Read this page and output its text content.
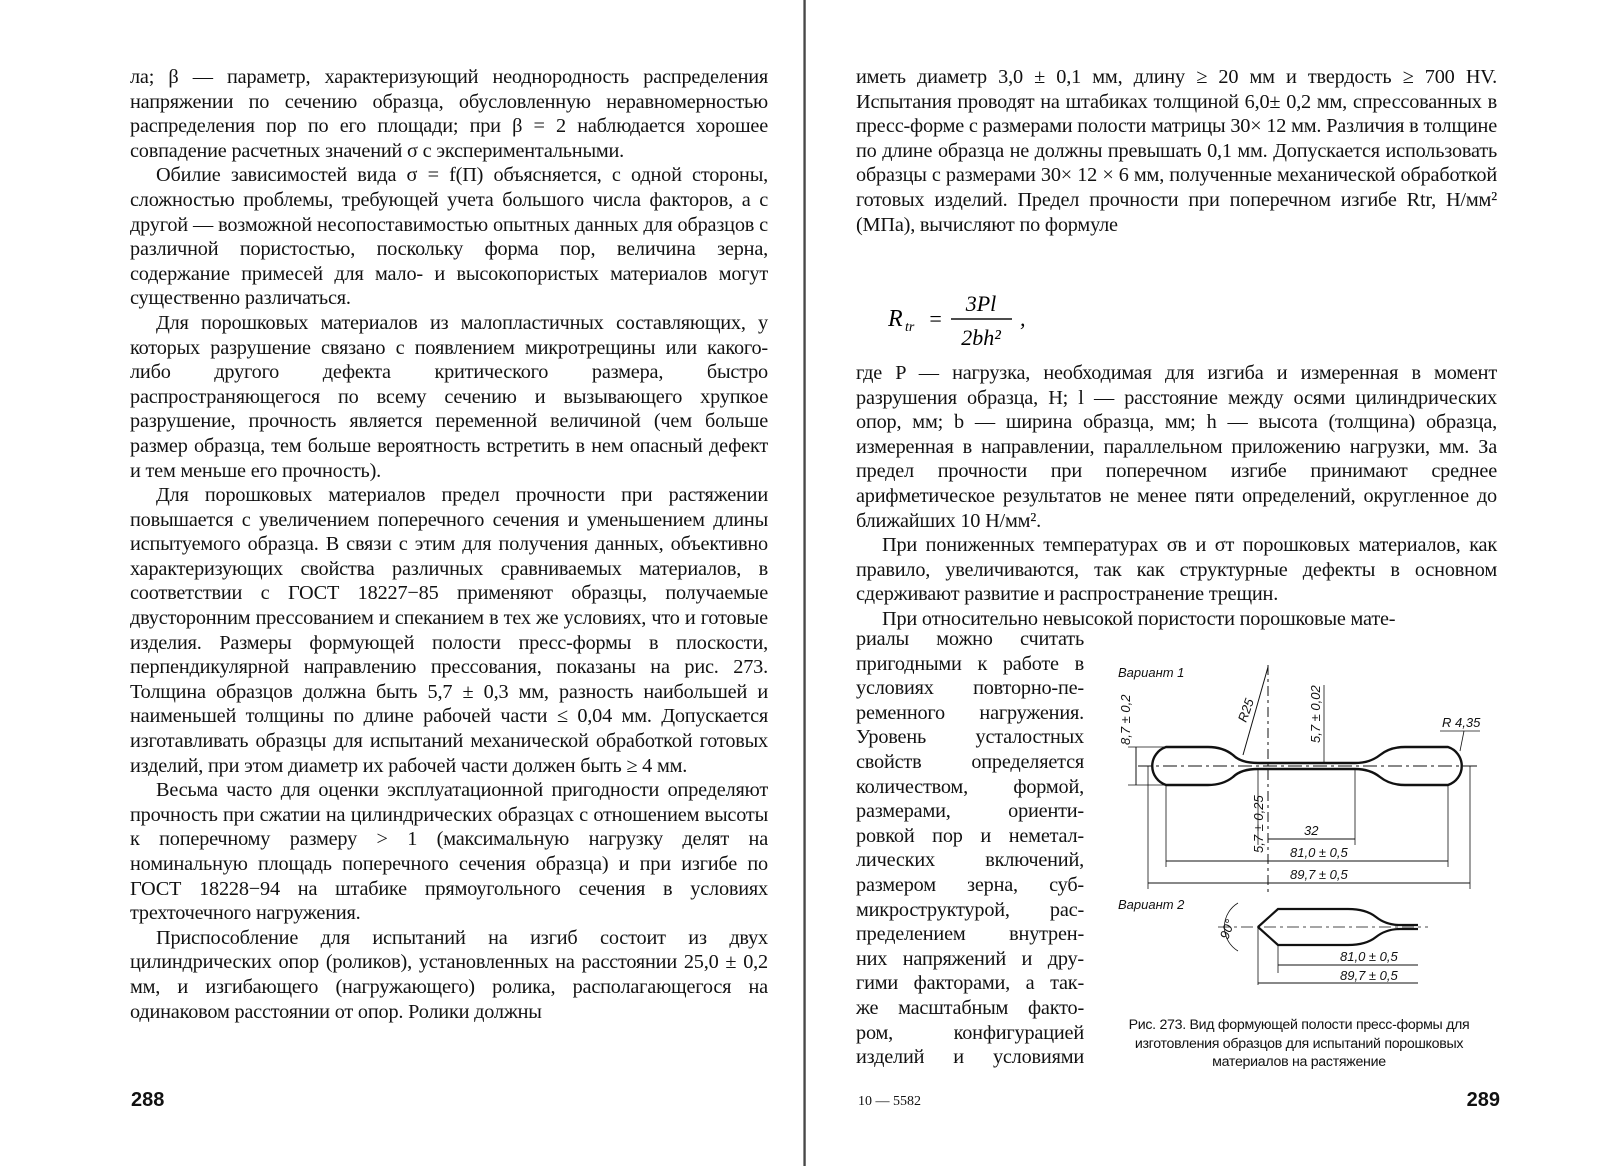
ла; β — параметр, характеризующий неоднородность распределения напряжении по сечению образца, обусловленную неравномерностью распределения пор по его площади; при β = 2 наблюдается хорошее совпадение расчетных значений σ с экспериментальными.

Обилие зависимостей вида σ = f(П) объясняется, с одной стороны, сложностью проблемы, требующей учета большого числа факторов, а с другой — возможной несопоставимостью опытных данных для образцов с различной пористостью, поскольку форма пор, величина зерна, содержание примесей для мало- и высокопористых материалов могут существенно различаться.

Для порошковых материалов из малопластичных составляющих, у которых разрушение связано с появлением микротрещины или какого-либо другого дефекта критического размера, быстро распространяющегося по всему сечению и вызывающего хрупкое разрушение, прочность является переменной величиной (чем больше размер образца, тем больше вероятность встретить в нем опасный дефект и тем меньше его прочность).

Для порошковых материалов предел прочности при растяжении повышается с увеличением поперечного сечения и уменьшением длины испытуемого образца. В связи с этим для получения данных, объективно характеризующих свойства различных сравниваемых материалов, в соответствии с ГОСТ 18227−85 применяют образцы, получаемые двусторонним прессованием и спеканием в тех же условиях, что и готовые изделия. Размеры формующей полости пресс-формы в плоскости, перпендикулярной направлению прессования, показаны на рис. 273. Толщина образцов должна быть 5,7 ± 0,3 мм, разность наибольшей и наименьшей толщины по длине рабочей части ≤ 0,04 мм. Допускается изготавливать образцы для испытаний механической обработкой готовых изделий, при этом диаметр их рабочей части должен быть ≥ 4 мм.

Весьма часто для оценки эксплуатационной пригодности определяют прочность при сжатии на цилиндрических образцах с отношением высоты к поперечному размеру > 1 (максимальную нагрузку делят на номинальную площадь поперечного сечения образца) и при изгибе по ГОСТ 18228−94 на штабике прямоугольного сечения в условиях трехточечного нагружения.

Приспособление для испытаний на изгиб состоит из двух цилиндрических опор (роликов), установленных на расстоянии 25,0 ± 0,2 мм, и изгибающего (нагружающего) ролика, располагающегося на одинаковом расстоянии от опор. Ролики должны

288

иметь диаметр 3,0 ± 0,1 мм, длину ≥ 20 мм и твердость ≥ 700 HV. Испытания проводят на штабиках толщиной 6,0± 0,2 мм, спрессованных в пресс-форме с размерами полости матрицы 30× 12 мм. Различия в толщине по длине образца не должны превышать 0,1 мм. Допускается использовать образцы с размерами 30× 12 × 6 мм, полученные механической обработкой готовых изделий. Предел прочности при поперечном изгибе Rtr, Н/мм² (МПа), вычисляют по формуле

R tr =
3Pl
2bh²
,

где P — нагрузка, необходимая для изгиба и измеренная в момент разрушения образца, Н; l — расстояние между осями цилиндрических опор, мм; b — ширина образца, мм; h — высота (толщина) образца, измеренная в направлении, параллельном приложению нагрузки, мм. За предел прочности при поперечном изгибе принимают среднее арифметическое результатов не менее пяти определений, округленное до ближайших 10 Н/мм².

При пониженных температурах σв и σт порошковых материалов, как правило, увеличиваются, так как структурные дефекты в основном сдерживают развитие и распространение трещин.

При относительно невысокой пористости порошковые мате-

риалы можно считать
пригодными к работе в
условиях повторно-пе-
ременного нагружения.
Уровень усталостных
свойств определяется
количеством, формой,
размерами, ориенти-
ровкой пор и неметал-
лических включений,
размером зерна, суб-
микроструктурой, рас-
пределением внутрен-
них напряжений и дру-
гими факторами, а так-
же масштабным факто-
ром, конфигурацией
изделий и условиями
Вариант 1
8,7 ± 0,2	R25	5,7 ± 0,02	R 4,35
5,7 ± 0,25	32
81,0 ± 0,5
89,7 ± 0,5
Вариант 2
90°
81,0 ± 0,5
89,7 ± 0,5
Рис. 273. Вид формующей полости пресс-формы для изготовления образцов для испытаний порошковых материалов на растяжение
10 — 5582	289
